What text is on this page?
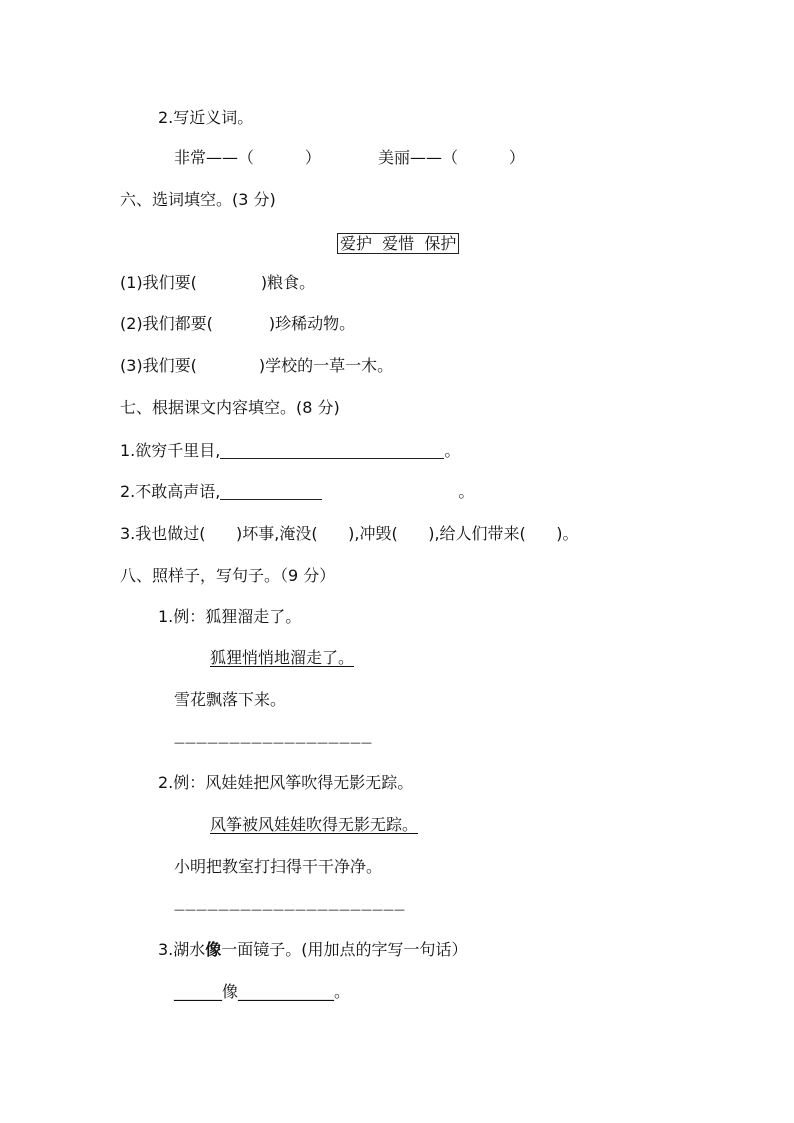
2.写近义词。
非常——（          ）	美丽——（          ）
六、选词填空。(3 分)
爱护  爱惜  保护
(1)我们要(	)粮食。
(2)我们都要(	)珍稀动物。
(3)我们要(	)学校的一草一木。
七、根据课文内容填空。(8 分)
1.欲穷千里目,	。
2.不敢高声语,	。
3.我也做过(      )坏事,淹没(      ),冲毁(      ),给人们带来(      )。
八、照样子，写句子。（9 分）
1.例：狐狸溜走了。
狐狸悄悄地溜走了。
雪花飘落下来。
——————————————————
2.例：风娃娃把风筝吹得无影无踪。
风筝被风娃娃吹得无影无踪。
小明把教室打扫得干干净净。
—————————————————————
3.湖水像一面镜子。(用加点的字写一句话）
______像____________。
